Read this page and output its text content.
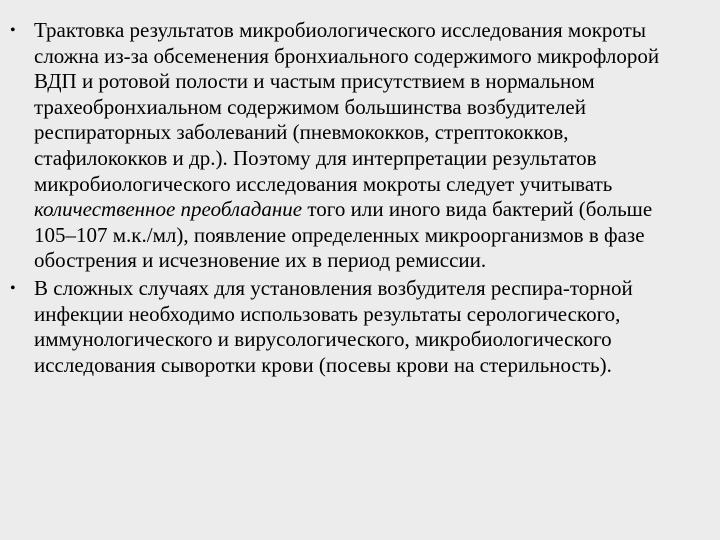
• Трактовка результатов микробиологического исследования мокроты сложна из-за обсеменения бронхиального содержимого микрофлорой ВДП и ротовой полости и частым присутствием в нормальном трахеобронхиальном содержимом большинства возбудителей респираторных заболеваний (пневмококков, стрептококков, стафилококков и др.). Поэтому для интерпретации результатов микробиологического исследования мокроты следует учитывать количественное преобладание того или иного вида бактерий (больше 105–107 м.к./мл), появление определенных микроорганизмов в фазе обострения и исчезновение их в период ремиссии.
• В сложных случаях для установления возбудителя респира-торной инфекции необходимо использовать результаты серологического, иммунологического и вирусологического, микробиологического исследования сыворотки крови (посевы крови на стерильность).
